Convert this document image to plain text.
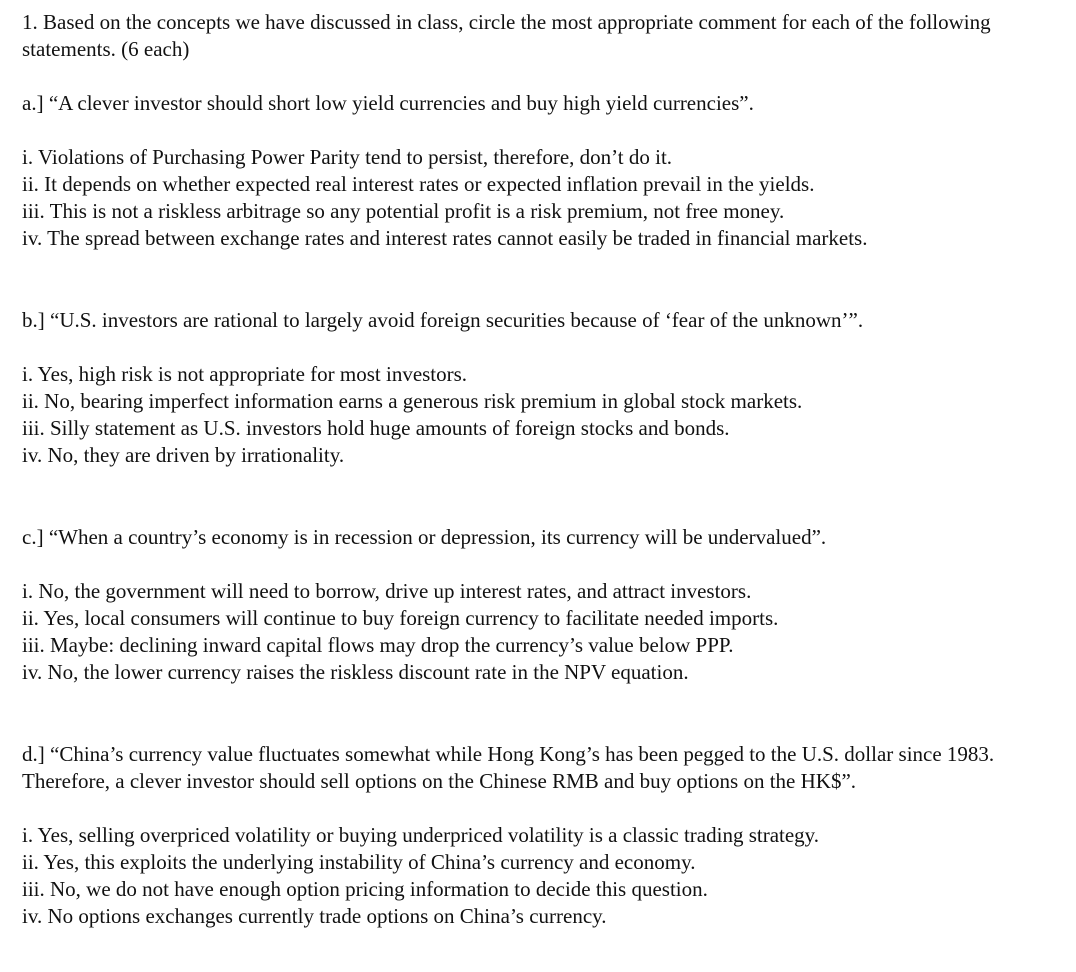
1. Based on the concepts we have discussed in class, circle the most appropriate comment for each of the following statements. (6 each)

a.] “A clever investor should short low yield currencies and buy high yield currencies”.

i. Violations of Purchasing Power Parity tend to persist, therefore, don’t do it.
ii. It depends on whether expected real interest rates or expected inflation prevail in the yields.
iii. This is not a riskless arbitrage so any potential profit is a risk premium, not free money.
iv. The spread between exchange rates and interest rates cannot easily be traded in financial markets.

b.] “U.S. investors are rational to largely avoid foreign securities because of ‘fear of the unknown’”.

i. Yes, high risk is not appropriate for most investors.
ii. No, bearing imperfect information earns a generous risk premium in global stock markets.
iii. Silly statement as U.S. investors hold huge amounts of foreign stocks and bonds.
iv. No, they are driven by irrationality.

c.] “When a country’s economy is in recession or depression, its currency will be undervalued”.

i. No, the government will need to borrow, drive up interest rates, and attract investors.
ii. Yes, local consumers will continue to buy foreign currency to facilitate needed imports.
iii. Maybe: declining inward capital flows may drop the currency’s value below PPP.
iv. No, the lower currency raises the riskless discount rate in the NPV equation.

d.] “China’s currency value fluctuates somewhat while Hong Kong’s has been pegged to the U.S. dollar since 1983. Therefore, a clever investor should sell options on the Chinese RMB and buy options on the HK$”.

i. Yes, selling overpriced volatility or buying underpriced volatility is a classic trading strategy.
ii. Yes, this exploits the underlying instability of China’s currency and economy.
iii. No, we do not have enough option pricing information to decide this question.
iv. No options exchanges currently trade options on China’s currency.
